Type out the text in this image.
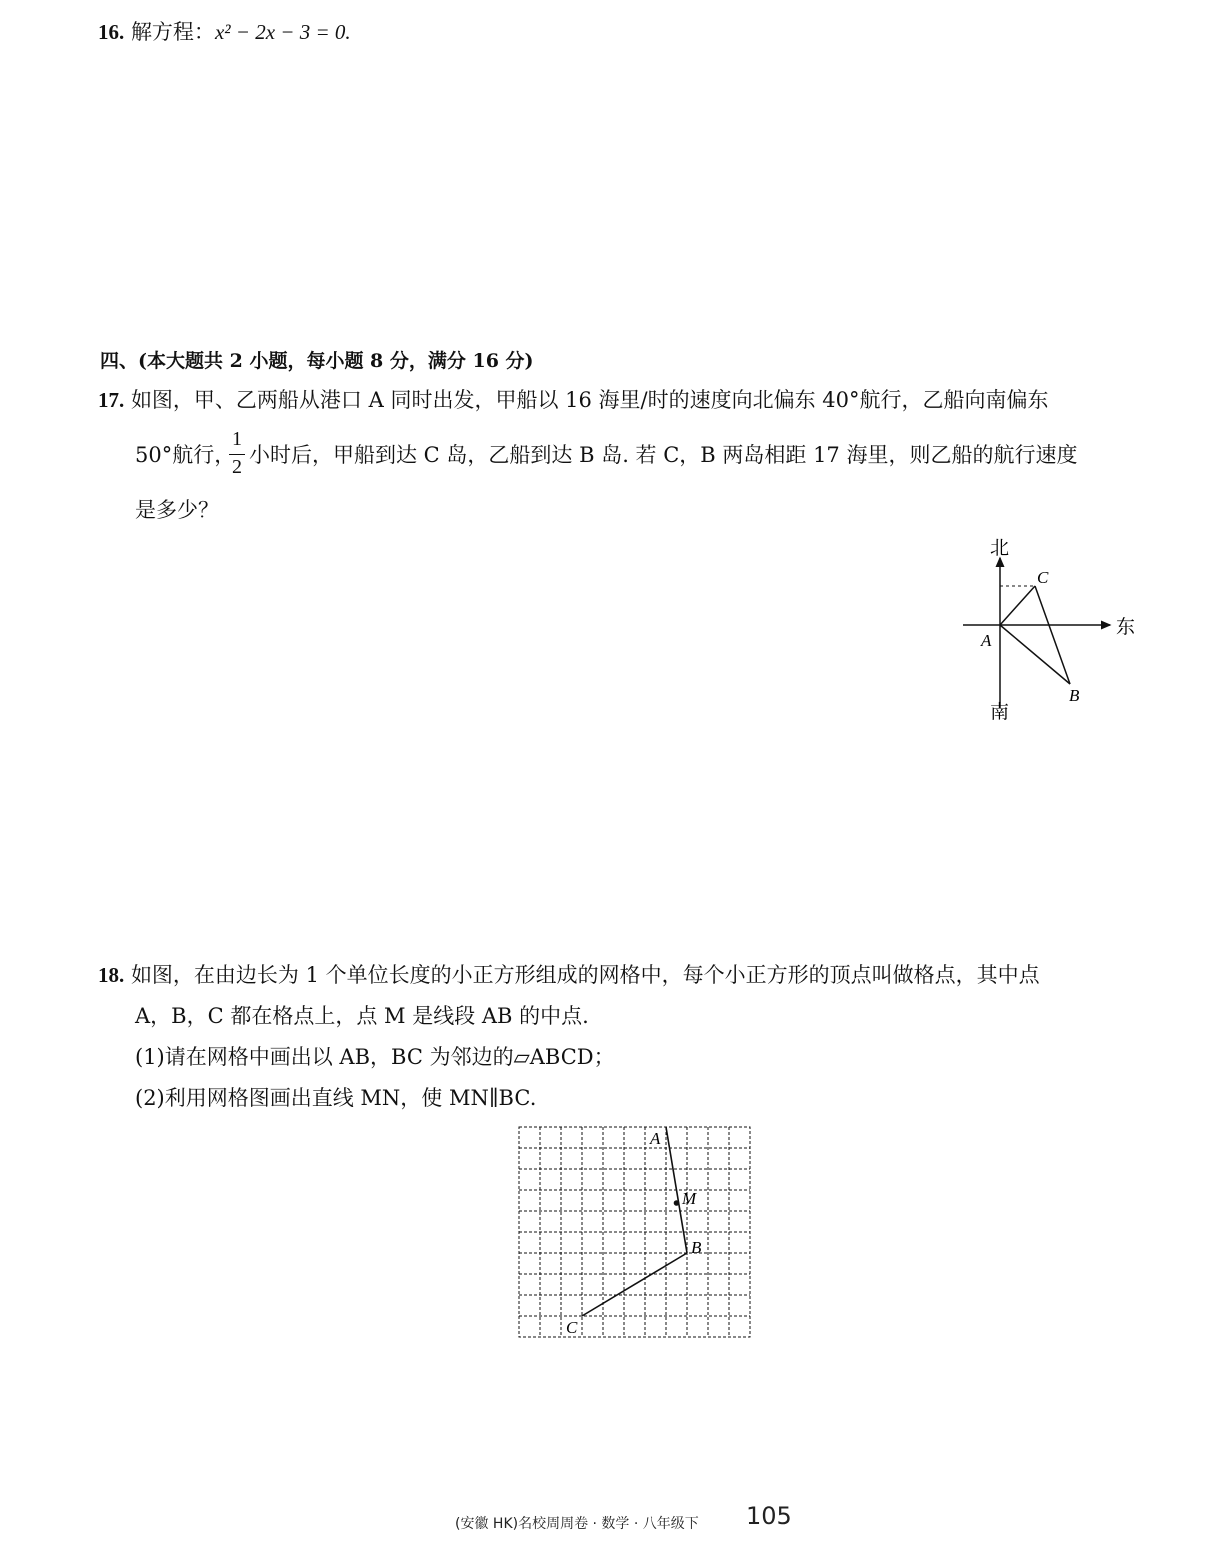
16. 解方程：x² − 2x − 3 = 0.
四、(本大题共 2 小题，每小题 8 分，满分 16 分)
17. 如图，甲、乙两船从港口 A 同时出发，甲船以 16 海里/时的速度向北偏东 40°航行，乙船向南偏东
50°航行，
1
2 小时后，甲船到达 C 岛，乙船到达 B 岛. 若 C，B 两岛相距 17 海里，则乙船的航行速度
是多少？
北
东
南
A
B
C
18. 如图，在由边长为 1 个单位长度的小正方形组成的网格中，每个小正方形的顶点叫做格点，其中点
A，B，C 都在格点上，点 M 是线段 AB 的中点.
(1)请在网格中画出以 AB，BC 为邻边的▱ABCD；
(2)利用网格图画出直线 MN，使 MN∥BC.
A
M
B
C
(安徽 HK)名校周周卷 · 数学 · 八年级下 105
